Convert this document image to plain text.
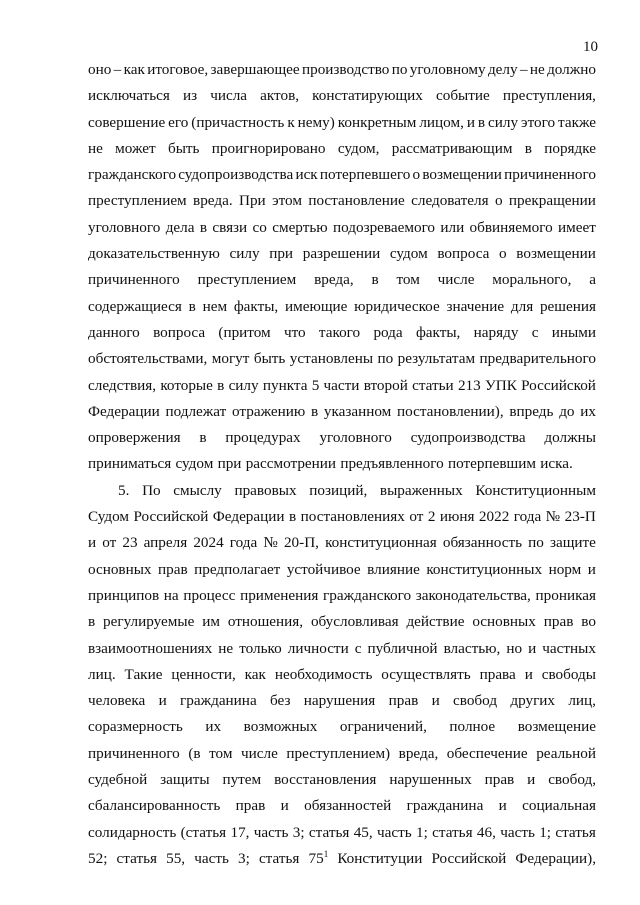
10
оно – как итоговое, завершающее производство по уголовному делу – не должно
исключаться из числа актов, констатирующих событие преступления,
совершение его (причастность к нему) конкретным лицом, и в силу этого также
не может быть проигнорировано судом, рассматривающим в порядке
гражданского судопроизводства иск потерпевшего о возмещении причиненного
преступлением вреда. При этом постановление следователя о прекращении
уголовного дела в связи со смертью подозреваемого или обвиняемого имеет
доказательственную силу при разрешении судом вопроса о возмещении
причиненного преступлением вреда, в том числе морального, а
содержащиеся в нем факты, имеющие юридическое значение для решения
данного вопроса (притом что такого рода факты, наряду с иными
обстоятельствами, могут быть установлены по результатам предварительного
следствия, которые в силу пункта 5 части второй статьи 213 УПК Российской
Федерации подлежат отражению в указанном постановлении), впредь до их
опровержения в процедурах уголовного судопроизводства должны
приниматься судом при рассмотрении предъявленного потерпевшим иска.
5. По смыслу правовых позиций, выраженных Конституционным
Судом Российской Федерации в постановлениях от 2 июня 2022 года № 23-П
и от 23 апреля 2024 года № 20-П, конституционная обязанность по защите
основных прав предполагает устойчивое влияние конституционных норм и
принципов на процесс применения гражданского законодательства, проникая
в регулируемые им отношения, обусловливая действие основных прав во
взаимоотношениях не только личности с публичной властью, но и частных
лиц. Такие ценности, как необходимость осуществлять права и свободы
человека и гражданина без нарушения прав и свобод других лиц,
соразмерность их возможных ограничений, полное возмещение
причиненного (в том числе преступлением) вреда, обеспечение реальной
судебной защиты путем восстановления нарушенных прав и свобод,
сбалансированность прав и обязанностей гражданина и социальная
солидарность (статья 17, часть 3; статья 45, часть 1; статья 46, часть 1; статья
52; статья 55, часть 3; статья $75^1$ Конституции Российской Федерации),
